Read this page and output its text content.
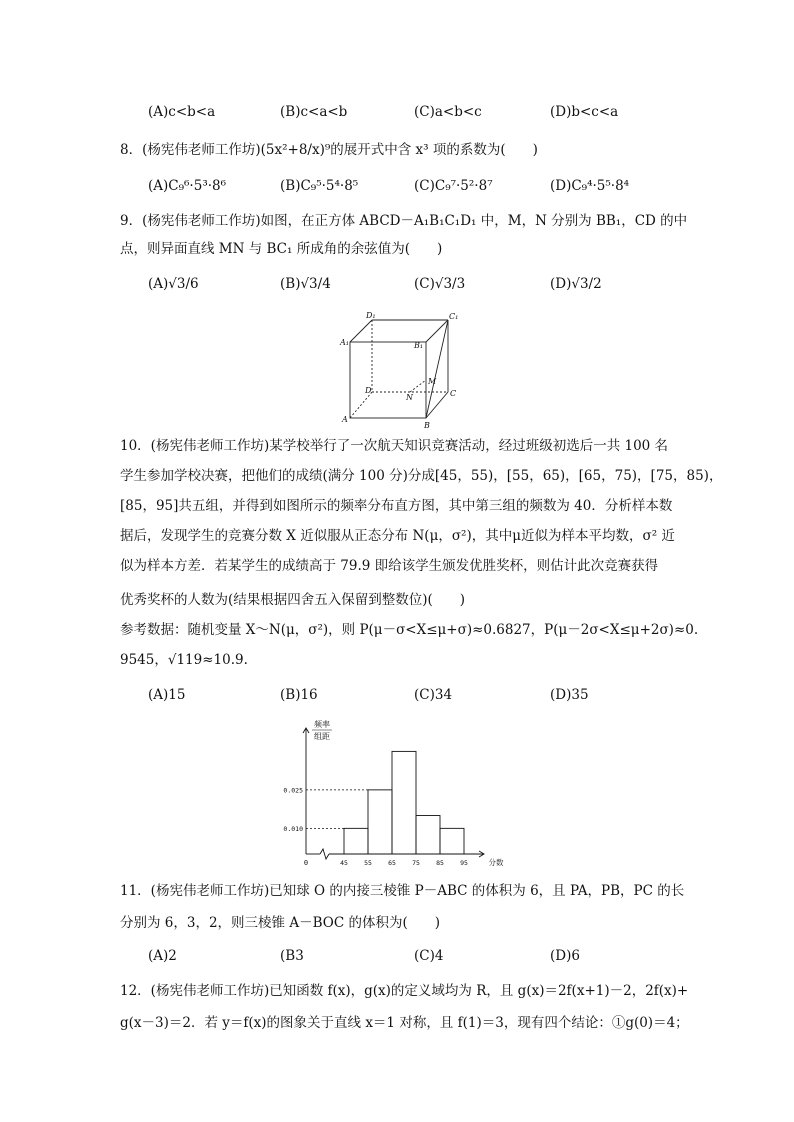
(A)c<b<a	(B)c<a<b	(C)a<b<c	(D)b<c<a
8．(杨宪伟老师工作坊)(5x²+8/x)⁹的展开式中含 x³ 项的系数为(　　)
(A)C₉⁶·5³·8⁶	(B)C₉⁵·5⁴·8⁵	(C)C₉⁷·5²·8⁷	(D)C₉⁴·5⁵·8⁴
9．(杨宪伟老师工作坊)如图，在正方体 ABCD－A₁B₁C₁D₁ 中，M，N 分别为 BB₁，CD 的中
点，则异面直线 MN 与 BC₁ 所成角的余弦值为(　　)
(A)√3/6	(B)√3/4	(C)√3/3	(D)√3/2
D₁	C₁
A₁	B₁
D	C
A
B
M
N
10．(杨宪伟老师工作坊)某学校举行了一次航天知识竞赛活动，经过班级初选后一共 100 名
学生参加学校决赛，把他们的成绩(满分 100 分)分成[45，55)，[55，65)，[65，75)，[75，85)，
[85，95]共五组，并得到如图所示的频率分布直方图，其中第三组的频数为 40．分析样本数
据后，发现学生的竞赛分数 X 近似服从正态分布 N(μ，σ²)，其中μ近似为样本平均数，σ² 近
似为样本方差．若某学生的成绩高于 79.9 即给该学生颁发优胜奖杯，则估计此次竞赛获得
优秀奖杯的人数为(结果根据四舍五入保留到整数位)(　　)
参考数据：随机变量 X～N(μ，σ²)，则 P(μ－σ<X≤μ+σ)≈0.6827，P(μ－2σ<X≤μ+2σ)≈0.
9545，√119≈10.9.
(A)15	(B)16	(C)34	(D)35
频率
组距
0.025
0.010
0	45 55 65 75 85 95	分数
11．(杨宪伟老师工作坊)已知球 O 的内接三棱锥 P－ABC 的体积为 6，且 PA，PB，PC 的长
分别为 6，3，2，则三棱锥 A－BOC 的体积为(　　)
(A)2	(B3	(C)4	(D)6
12．(杨宪伟老师工作坊)已知函数 f(x)，g(x)的定义域均为 R，且 g(x)＝2f(x+1)－2，2f(x)+
g(x－3)＝2．若 y＝f(x)的图象关于直线 x＝1 对称，且 f(1)＝3，现有四个结论：①g(0)＝4；
